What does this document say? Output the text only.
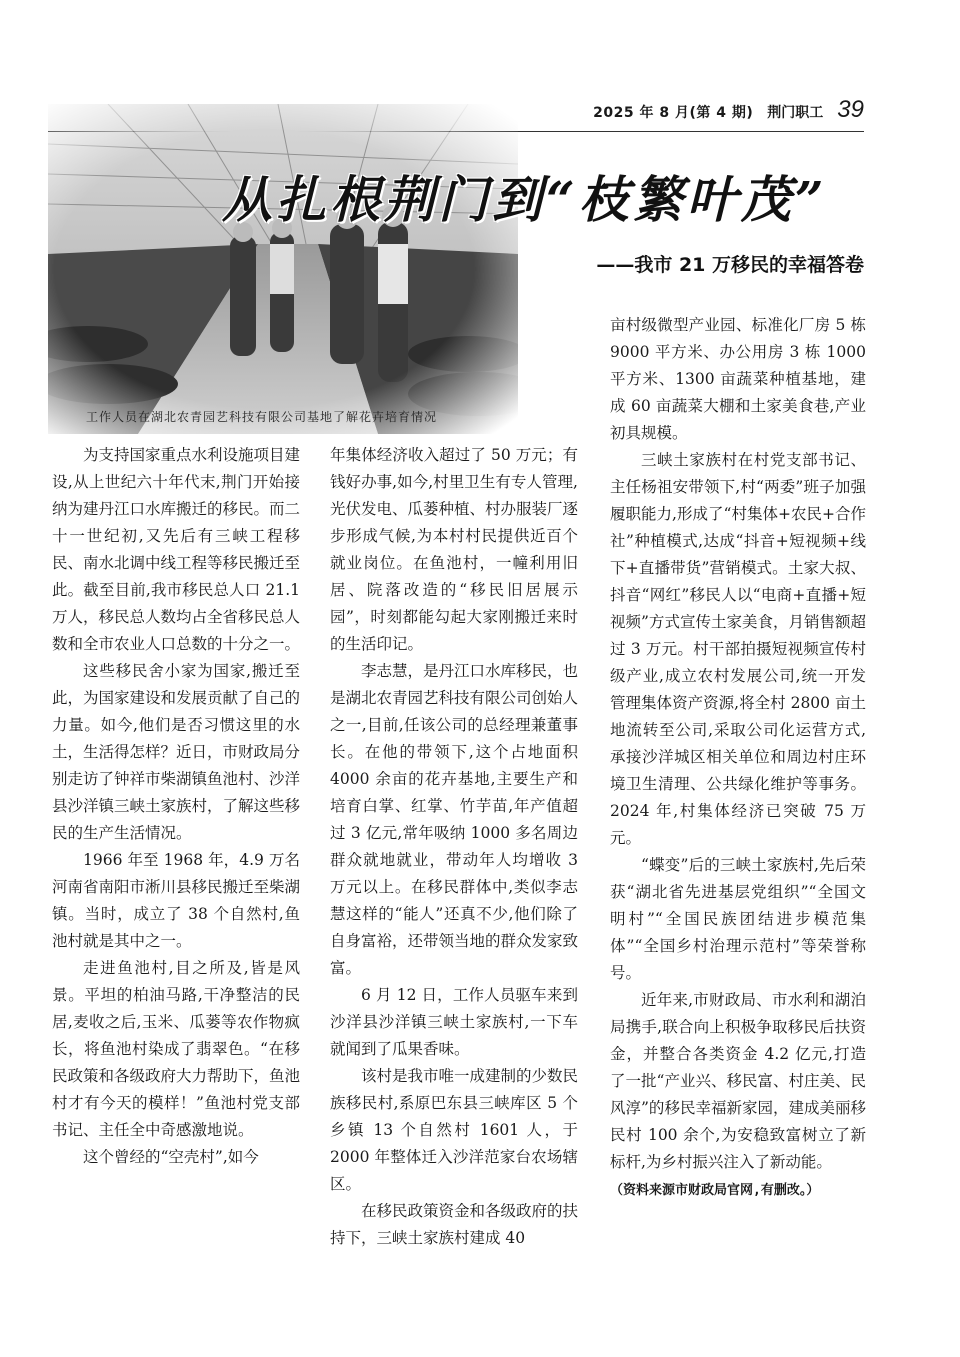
2025 年 8 月(第 4 期) 荆门职工 39
工作人员在湖北农青园艺科技有限公司基地了解花卉培育情况
从扎根荆门到“枝繁叶茂”
——我市 21 万移民的幸福答卷

为支持国家重点水利设施项目建设,从上世纪六十年代末,荆门开始接纳为建丹江口水库搬迁的移民。而二十一世纪初,又先后有三峡工程移民、南水北调中线工程等移民搬迁至此。截至目前,我市移民总人口 21.1 万人，移民总人数均占全省移民总人数和全市农业人口总数的十分之一。

这些移民舍小家为国家,搬迁至此，为国家建设和发展贡献了自己的力量。如今,他们是否习惯这里的水土，生活得怎样？近日，市财政局分别走访了钟祥市柴湖镇鱼池村、沙洋县沙洋镇三峡土家族村，了解这些移民的生产生活情况。

1966 年至 1968 年，4.9 万名河南省南阳市淅川县移民搬迁至柴湖镇。当时，成立了 38 个自然村,鱼池村就是其中之一。

走进鱼池村,目之所及,皆是风景。平坦的柏油马路,干净整洁的民居,麦收之后,玉米、瓜蒌等农作物疯长，将鱼池村染成了翡翠色。“在移民政策和各级政府大力帮助下，鱼池村才有今天的模样！”鱼池村党支部书记、主任全中奇感激地说。

这个曾经的“空壳村”,如今

年集体经济收入超过了 50 万元；有钱好办事,如今,村里卫生有专人管理,光伏发电、瓜蒌种植、村办服装厂逐步形成气候,为本村村民提供近百个就业岗位。在鱼池村，一幢利用旧居、院落改造的“移民旧居展示园”，时刻都能勾起大家刚搬迁来时的生活印记。

李志慧，是丹江口水库移民，也是湖北农青园艺科技有限公司创始人之一,目前,任该公司的总经理兼董事长。在他的带领下,这个占地面积 4000 余亩的花卉基地,主要生产和培育白掌、红掌、竹芋苗,年产值超过 3 亿元,常年吸纳 1000 多名周边群众就地就业，带动年人均增收 3 万元以上。在移民群体中,类似李志慧这样的“能人”还真不少,他们除了自身富裕，还带领当地的群众发家致富。

6 月 12 日，工作人员驱车来到沙洋县沙洋镇三峡土家族村,一下车就闻到了瓜果香味。

该村是我市唯一成建制的少数民族移民村,系原巴东县三峡库区 5 个乡镇 13 个自然村 1601 人，于 2000 年整体迁入沙洋范家台农场辖区。

在移民政策资金和各级政府的扶持下，三峡土家族村建成 40

亩村级微型产业园、标准化厂房 5 栋 9000 平方米、办公用房 3 栋 1000 平方米、1300 亩蔬菜种植基地，建成 60 亩蔬菜大棚和土家美食巷,产业初具规模。

三峡土家族村在村党支部书记、主任杨祖安带领下,村“两委”班子加强履职能力,形成了“村集体+农民+合作社”种植模式,达成“抖音+短视频+线下+直播带货”营销模式。土家大叔、抖音“网红”移民人以“电商+直播+短视频”方式宣传土家美食，月销售额超过 3 万元。村干部拍摄短视频宣传村级产业,成立农村发展公司,统一开发管理集体资产资源,将全村 2800 亩土地流转至公司,采取公司化运营方式,承接沙洋城区相关单位和周边村庄环境卫生清理、公共绿化维护等事务。2024 年,村集体经济已突破 75 万元。

“蝶变”后的三峡土家族村,先后荣获“湖北省先进基层党组织”“全国文明村”“全国民族团结进步模范集体”“全国乡村治理示范村”等荣誉称号。

近年来,市财政局、市水利和湖泊局携手,联合向上积极争取移民后扶资金，并整合各类资金 4.2 亿元,打造了一批“产业兴、移民富、村庄美、民风淳”的移民幸福新家园，建成美丽移民村 100 余个,为安稳致富树立了新标杆,为乡村振兴注入了新动能。

（资料来源市财政局官网,有删改。）
